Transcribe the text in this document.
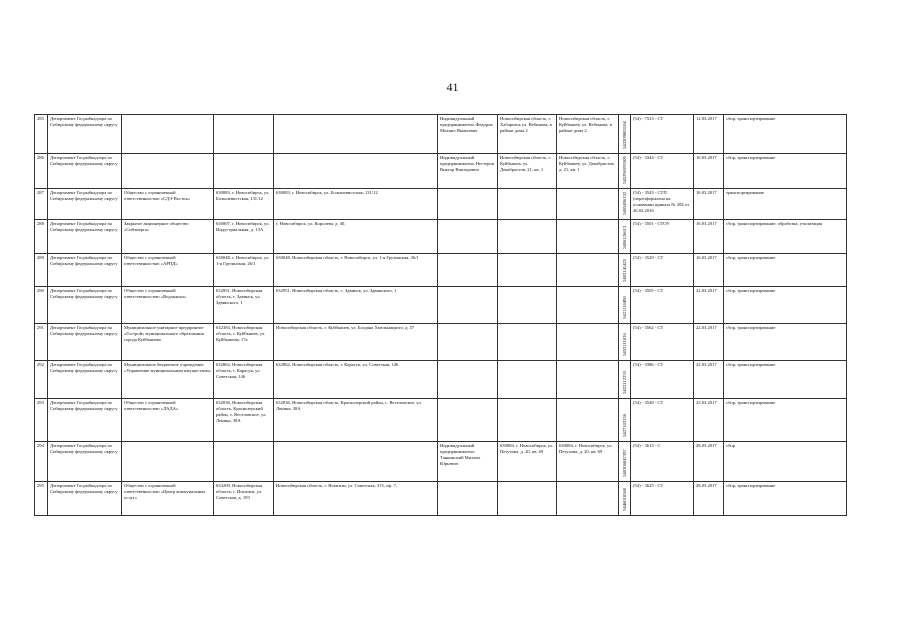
41
285	Департамент Госрыбнадзора по Сибирскому федеральному округу				Индивидуальный предприниматель Федоров Михаил Яковлевич	Новосибирская область, г. Хабаровск ул. Вебинова, в районе дома 2	Новосибирская область, г. Куйбышев, ул. Вебинова, в районе дома 2	543209883104	(54) - 7523 - СТ	12.03.2017	сбор, транспортирование
286	Департамент Госрыбнадзора по Сибирскому федеральному округу				Индивидуальный предприниматель Нестеров Виктор Викторович	Новосибирская область, г. Куйбышев, ул. Декабристов, 21, кв. 1	Новосибирская область, г. Куйбышев, ул. Декабристов, д. 21, кв. 1	545296595509	(54) - 3344 - СТ	16.03.2017	сбор, транспортирование
287	Департамент Госрыбнадзора по Сибирскому федеральному округу	Общество с ограниченной ответственностью «СДЭ-Восток»	630083, г. Новосибирск, ул. Большевистская, 131/12	630083, г. Новосибирск, ул. Большевистская, 131/12				5405496132	(54) - 3543 - СТП (переоформлена на основании приказа № 284 от 26.02.2016	16.03.2017	транспортирование
288	Департамент Госрыбнадзора по Сибирскому федеральному округу	Закрытое акционерное общество «Сибэнерго»	630007, г. Новосибирск, ул. Индустриальная, д. 13А	г. Новосибирск, ул. Королева, д. 40,				5406126613	(54) - 3501 - СТОУ	16.03.2017	сбор, транспортирование, обработка, утилизация
289	Департамент Госрыбнадзора по Сибирскому федеральному округу	Общество с ограниченной ответственностью «АРПД»	630048, г. Новосибирск, ул. 1-я Грузинская, 26/1	630048, Новосибирская область, г. Новосибирск, ул. 1-я Грузинская, 26/1				5402141425	(54) - 3529 - СТ	16.03.2017	сбор, транспортирование
290	Департамент Госрыбнадзора по Сибирскому федеральному округу	Общество с ограниченной ответственностью «Водоканал»	632951, Новосибирская область, г. Здвинск, ул. Здвинского, 1	632951, Новосибирская область, с. Здвинск, ул. Здвинского, 1				5421110490	(54) - 3505 - СТ	22.03.2017	сбор, транспортирование
291	Департамент Госрыбнадзора по Сибирскому федеральному округу	Муниципальное унитарное предприятие «Гострой» муниципального образования города Куйбышева	632383, Новосибирская область, г. Куйбышев, ул. Куйбышева, 17а	Новосибирская область, г. Куйбышев, ул. Богдана Хмельницкого, д. 57				5452111026	(54) - 3562 - СТ	22.03.2017	сбор, транспортирование
292	Департамент Госрыбнадзора по Сибирскому федеральному округу	Муниципальное бюджетное учреждение «Управление муниципальным имуществом»	632862, Новосибирская область, г. Карасук, ул. Советская, 146	632862, Новосибирская область, г. Карасук, ул. Советская, 146				5422112255	(54) - 3386 - СТ	22.03.2017	сбор, транспортирование
293	Департамент Госрыбнадзора по Сибирскому федеральному округу	Общество с ограниченной ответственностью «ЛАДА»	632036, Новосибирская область, Краснозерский район, с. Веселовское, ул. Ленина, 38А	632036, Новосибирская область, Краснозерский район, с. Веселовское, ул. Ленина, 38А				5427103156	(54) - 3548 - СТ	23.03.2017	сбор, транспортирование
294	Департамент Госрыбнадзора по Сибирскому федеральному округу				Индивидуальный предприниматель Танкинский Михаил Юрьевич	630084, г. Новосибирск, ул. Петухова, д. 20, кв. 69	630084, г. Новосибирск, ул. Петухова, д. 20, кв. 69	540306847397	(54) - 3613 - С	28.03.2017	сбор
295	Департамент Госрыбнадзора по Сибирскому федеральному округу	Общество с ограниченной ответственностью «Центр коммунальных услуг»	633209, Новосибирская область, г. Искитим, ул. Советская, д. 193	Новосибирская область, г. Искитим, ул. Советская, 315, оф. 7,				5446018560	(54) - 3625 - СТ	28.03.2017	сбор, транспортирование
